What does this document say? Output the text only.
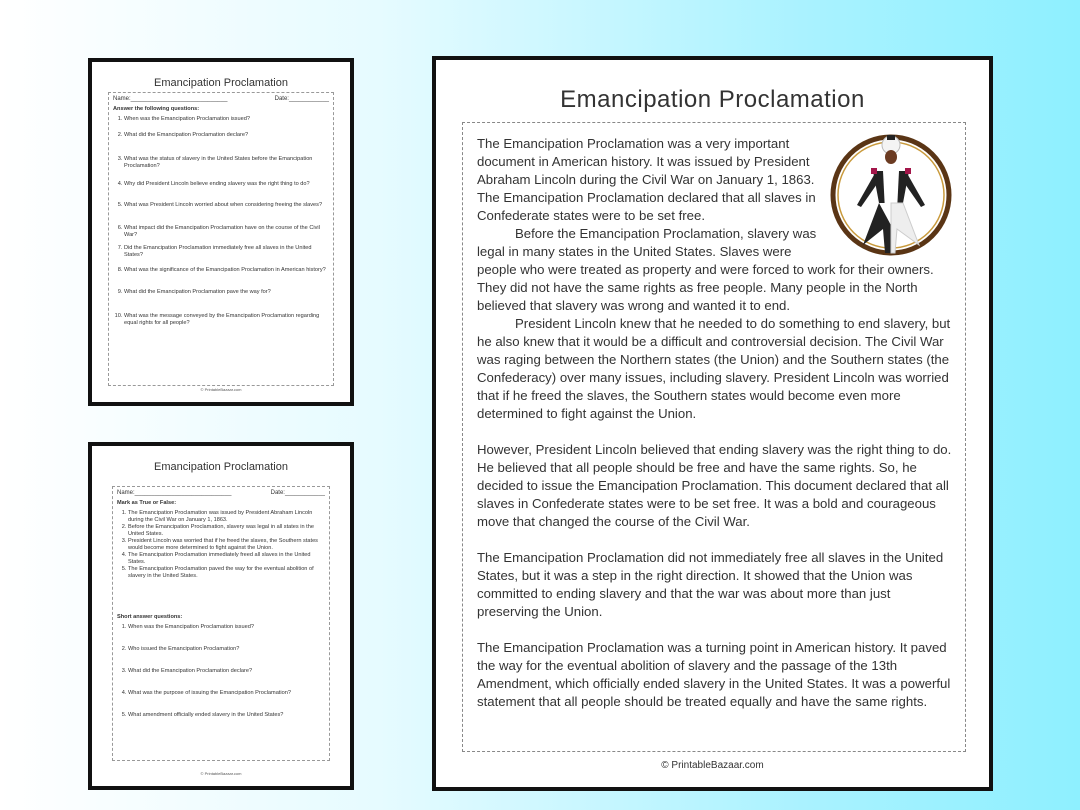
Emancipation Proclamation
Name:_____________________________	Date:____________
Answer the following questions:
1. When was the Emancipation Proclamation issued?
2. What did the Emancipation Proclamation declare?
3. What was the status of slavery in the United States before the Emancipation Proclamation?
4. Why did President Lincoln believe ending slavery was the right thing to do?
5. What was President Lincoln worried about when considering freeing the slaves?
6. What impact did the Emancipation Proclamation have on the course of the Civil War?
7. Did the Emancipation Proclamation immediately free all slaves in the United States?
8. What was the significance of the Emancipation Proclamation in American history?
9. What did the Emancipation Proclamation pave the way for?
10. What was the message conveyed by the Emancipation Proclamation regarding equal rights for all people?
© PrintableBazaar.com
Emancipation Proclamation
Name:_____________________________	Date:____________
Mark as True or False:
1. The Emancipation Proclamation was issued by President Abraham Lincoln during the Civil War on January 1, 1863.
2. Before the Emancipation Proclamation, slavery was legal in all states in the United States.
3. President Lincoln was worried that if he freed the slaves, the Southern states would become more determined to fight against the Union.
4. The Emancipation Proclamation immediately freed all slaves in the United States.
5. The Emancipation Proclamation paved the way for the eventual abolition of slavery in the United States.
Short answer questions:
1. When was the Emancipation Proclamation issued?
2. Who issued the Emancipation Proclamation?
3. What did the Emancipation Proclamation declare?
4. What was the purpose of issuing the Emancipation Proclamation?
5. What amendment officially ended slavery in the United States?
© PrintableBazaar.com
Emancipation Proclamation

The Emancipation Proclamation was a very important document in American history. It was issued by President Abraham Lincoln during the Civil War on January 1, 1863. The Emancipation Proclamation declared that all slaves in Confederate states were to be set free.

Before the Emancipation Proclamation, slavery was legal in many states in the United States. Slaves were people who were treated as property and were forced to work for their owners. They did not have the same rights as free people. Many people in the North believed that slavery was wrong and wanted it to end.

President Lincoln knew that he needed to do something to end slavery, but he also knew that it would be a difficult and controversial decision. The Civil War was raging between the Northern states (the Union) and the Southern states (the Confederacy) over many issues, including slavery. President Lincoln was worried that if he freed the slaves, the Southern states would become even more determined to fight against the Union.

However, President Lincoln believed that ending slavery was the right thing to do. He believed that all people should be free and have the same rights. So, he decided to issue the Emancipation Proclamation. This document declared that all slaves in Confederate states were to be set free. It was a bold and courageous move that changed the course of the Civil War.

The Emancipation Proclamation did not immediately free all slaves in the United States, but it was a step in the right direction. It showed that the Union was committed to ending slavery and that the war was about more than just preserving the Union.

The Emancipation Proclamation was a turning point in American history. It paved the way for the eventual abolition of slavery and the passage of the 13th Amendment, which officially ended slavery in the United States. It was a powerful statement that all people should be treated equally and have the same rights.

© PrintableBazaar.com
